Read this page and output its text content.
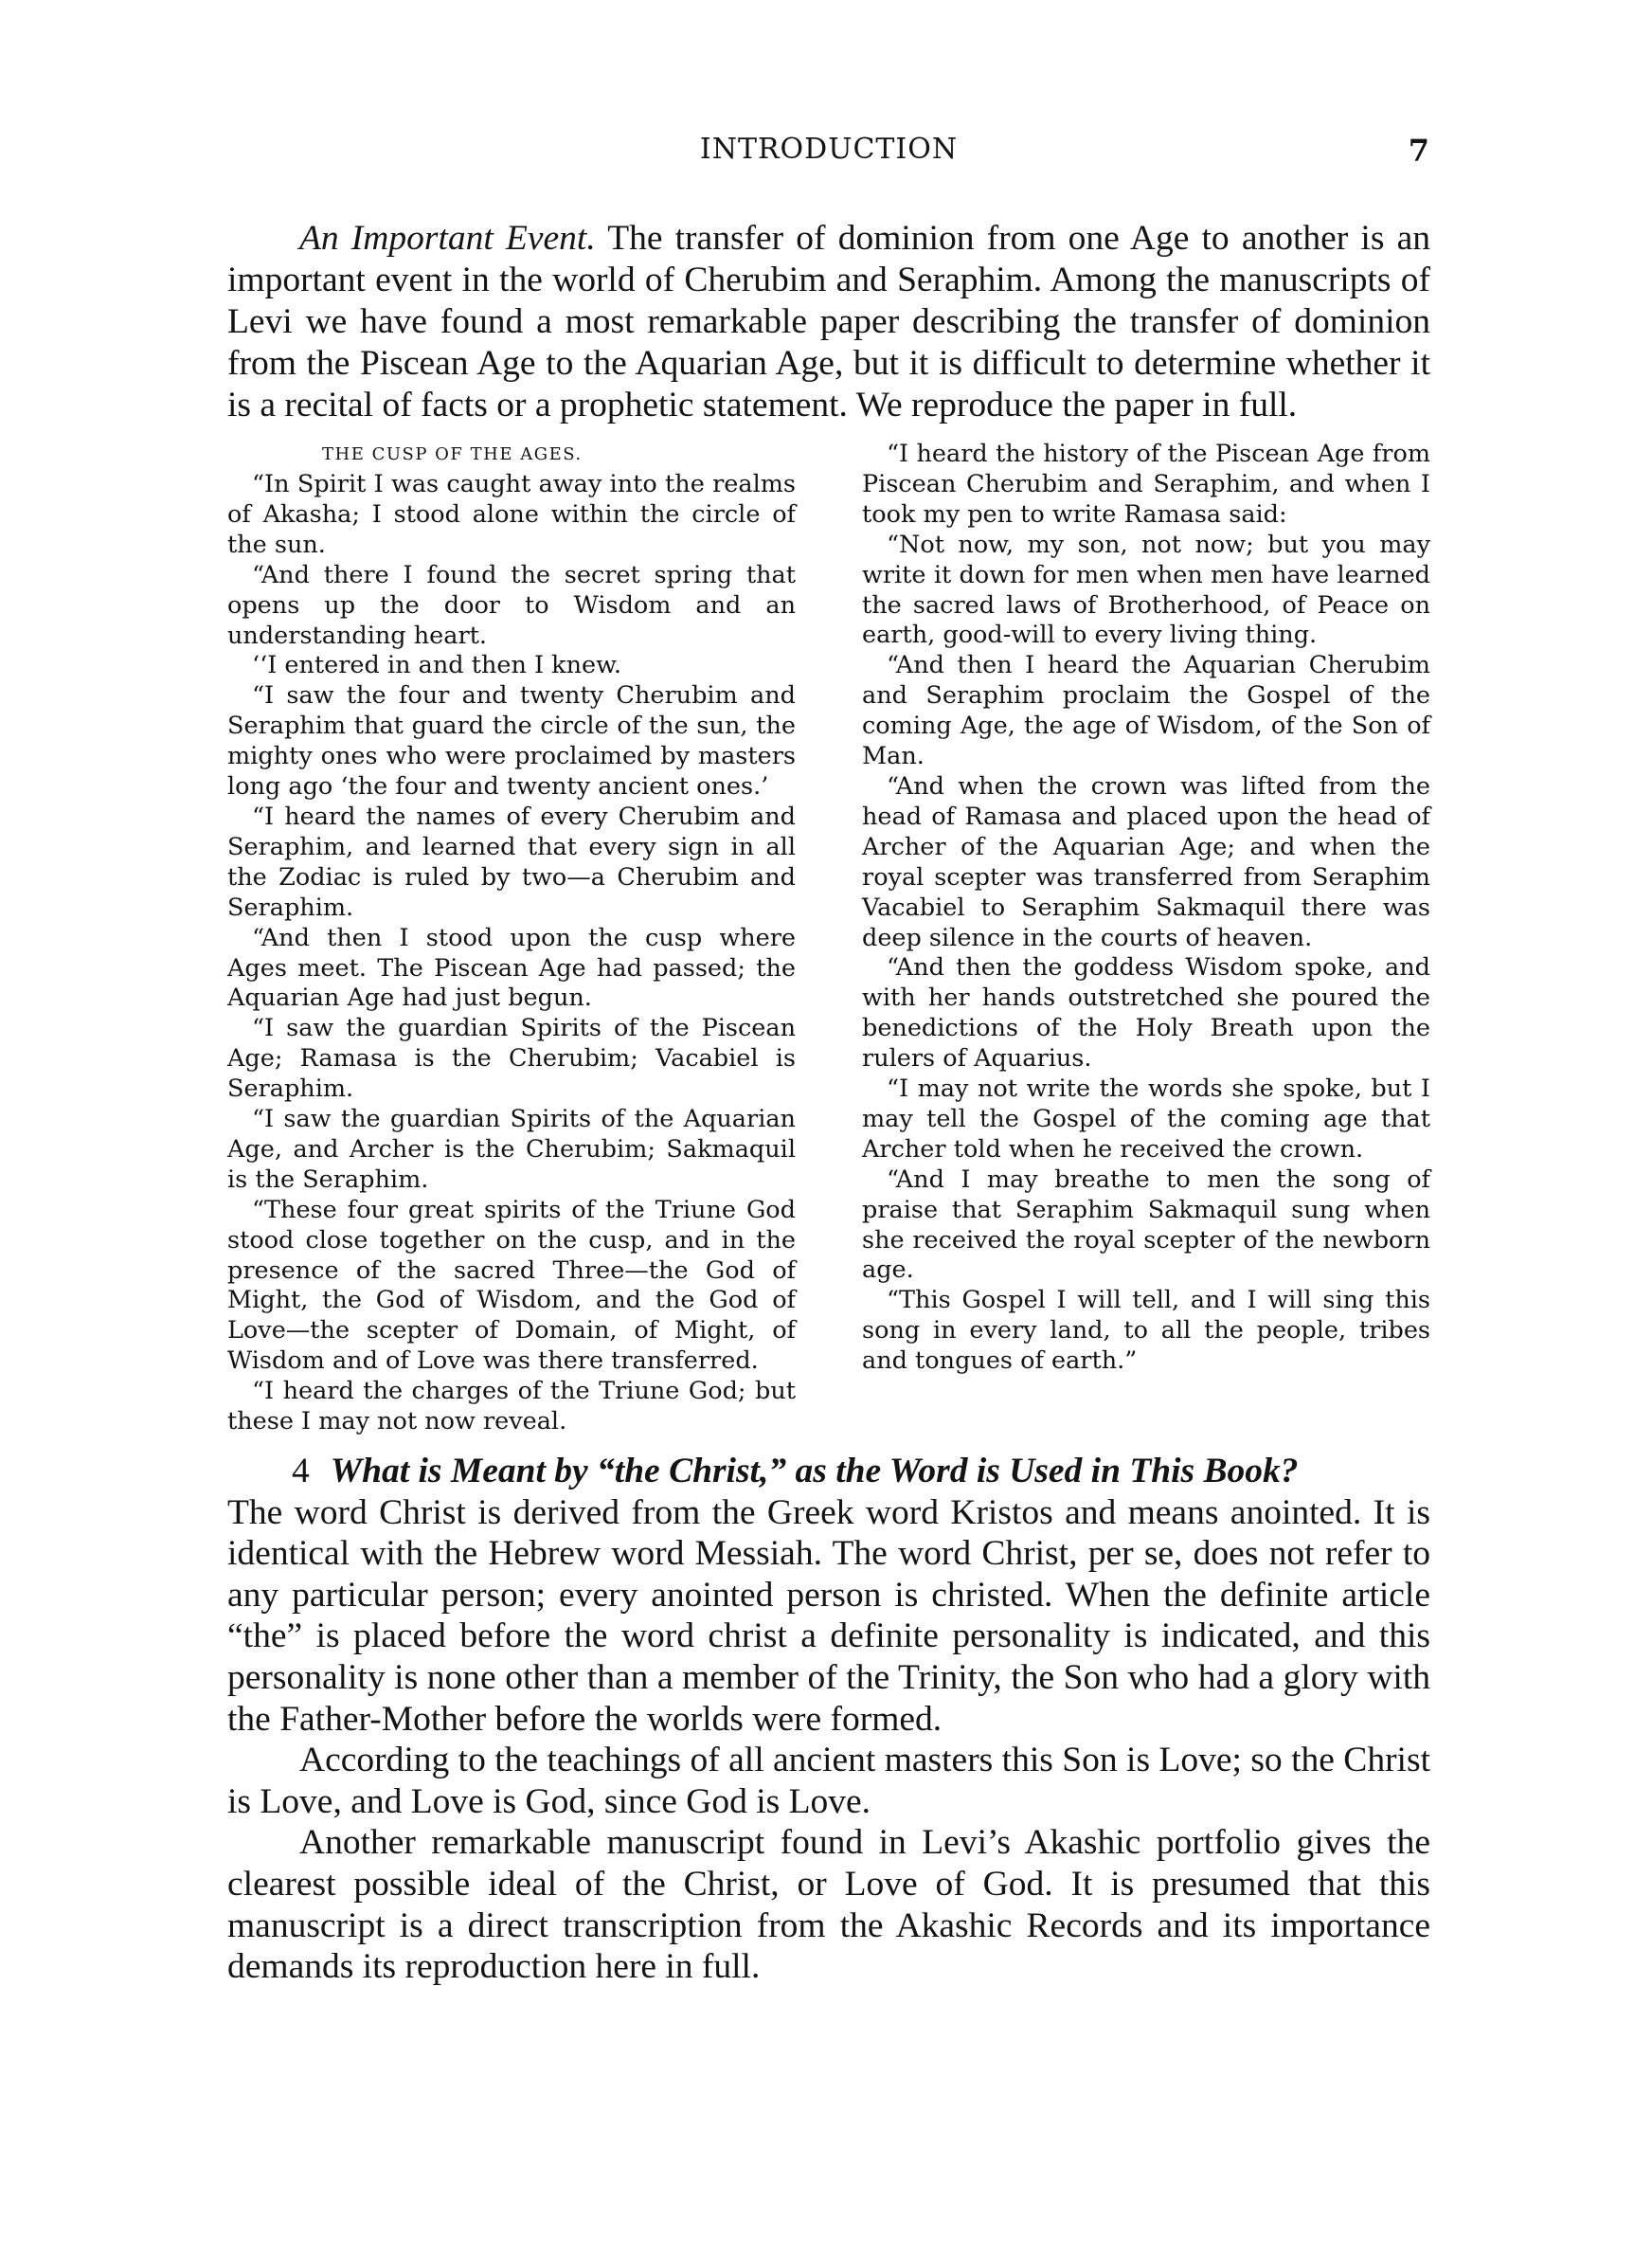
INTRODUCTION	7

An Important Event. The transfer of dominion from one Age to another is an important event in the world of Cherubim and Seraphim. Among the manuscripts of Levi we have found a most remarkable paper describing the transfer of dominion from the Piscean Age to the Aquarian Age, but it is difficult to determine whether it is a recital of facts or a prophetic statement. We reproduce the paper in full.

THE CUSP OF THE AGES.

“In Spirit I was caught away into the realms of Akasha; I stood alone within the circle of the sun.

“And there I found the secret spring that opens up the door to Wisdom and an understanding heart.

‘‘I entered in and then I knew.

“I saw the four and twenty Cherubim and Seraphim that guard the circle of the sun, the mighty ones who were proclaimed by masters long ago ‘the four and twenty ancient ones.’

“I heard the names of every Cherubim and Seraphim, and learned that every sign in all the Zodiac is ruled by two—a Cherubim and Seraphim.

“And then I stood upon the cusp where Ages meet. The Piscean Age had passed; the Aquarian Age had just begun.

“I saw the guardian Spirits of the Piscean Age; Ramasa is the Cherubim; Vacabiel is Seraphim.

“I saw the guardian Spirits of the Aquarian Age, and Archer is the Cherubim; Sakmaquil is the Seraphim.

“These four great spirits of the Triune God stood close together on the cusp, and in the presence of the sacred Three—the God of Might, the God of Wisdom, and the God of Love—the scepter of Domain, of Might, of Wisdom and of Love was there transferred.

“I heard the charges of the Triune God; but these I may not now reveal.

“I heard the history of the Piscean Age from Piscean Cherubim and Seraphim, and when I took my pen to write Ramasa said:

“Not now, my son, not now; but you may write it down for men when men have learned the sacred laws of Brotherhood, of Peace on earth, good-will to every living thing.

“And then I heard the Aquarian Cherubim and Seraphim proclaim the Gospel of the coming Age, the age of Wisdom, of the Son of Man.

“And when the crown was lifted from the head of Ramasa and placed upon the head of Archer of the Aquarian Age; and when the royal scepter was transferred from Seraphim Vacabiel to Seraphim Sakmaquil there was deep silence in the courts of heaven.

“And then the goddess Wisdom spoke, and with her hands outstretched she poured the benedictions of the Holy Breath upon the rulers of Aquarius.

“I may not write the words she spoke, but I may tell the Gospel of the coming age that Archer told when he received the crown.

“And I may breathe to men the song of praise that Seraphim Sakmaquil sung when she received the royal scepter of the newborn age.

“This Gospel I will tell, and I will sing this song in every land, to all the people, tribes and tongues of earth.”

4 What is Meant by “the Christ,” as the Word is Used in This Book?

The word Christ is derived from the Greek word Kristos and means anointed. It is identical with the Hebrew word Messiah. The word Christ, per se, does not refer to any particular person; every anointed person is christed. When the definite article “the” is placed before the word christ a definite personality is indicated, and this personality is none other than a member of the Trinity, the Son who had a glory with the Father-Mother before the worlds were formed.

According to the teachings of all ancient masters this Son is Love; so the Christ is Love, and Love is God, since God is Love.

Another remarkable manuscript found in Levi’s Akashic portfolio gives the clearest possible ideal of the Christ, or Love of God. It is presumed that this manuscript is a direct transcription from the Akashic Records and its importance demands its reproduction here in full.
